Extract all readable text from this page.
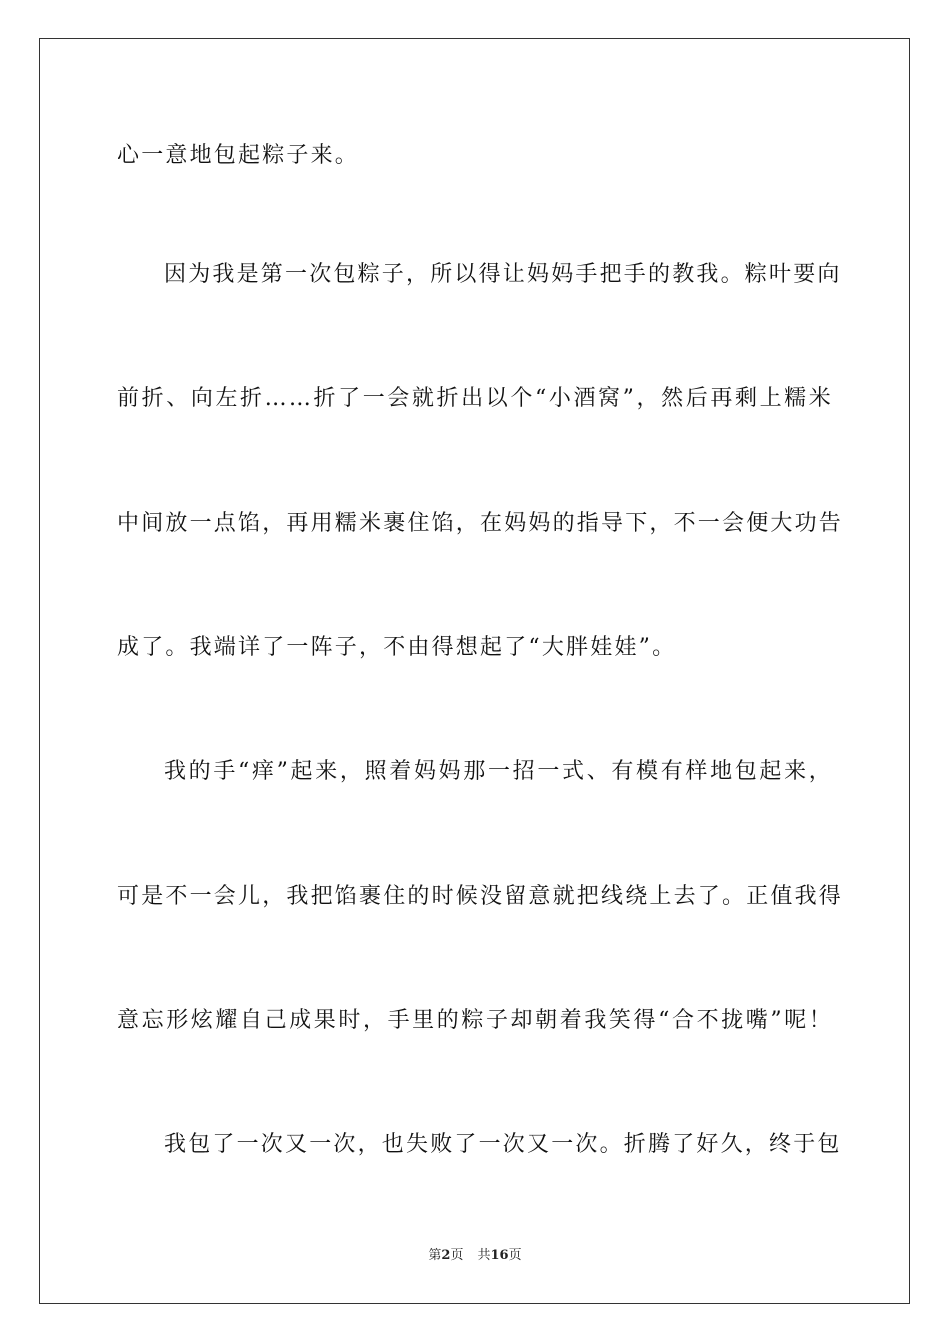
心一意地包起粽子来。
因为我是第一次包粽子，所以得让妈妈手把手的教我。粽叶要向
前折、向左折……折了一会就折出以个“小酒窝”，然后再剩上糯米
中间放一点馅，再用糯米裹住馅，在妈妈的指导下，不一会便大功告
成了。我端详了一阵子，不由得想起了“大胖娃娃”。
我的手“痒”起来，照着妈妈那一招一式、有模有样地包起来，
可是不一会儿，我把馅裹住的时候没留意就把线绕上去了。正值我得
意忘形炫耀自己成果时，手里的粽子却朝着我笑得“合不拢嘴”呢！
我包了一次又一次，也失败了一次又一次。折腾了好久，终于包
第2页 共16页
